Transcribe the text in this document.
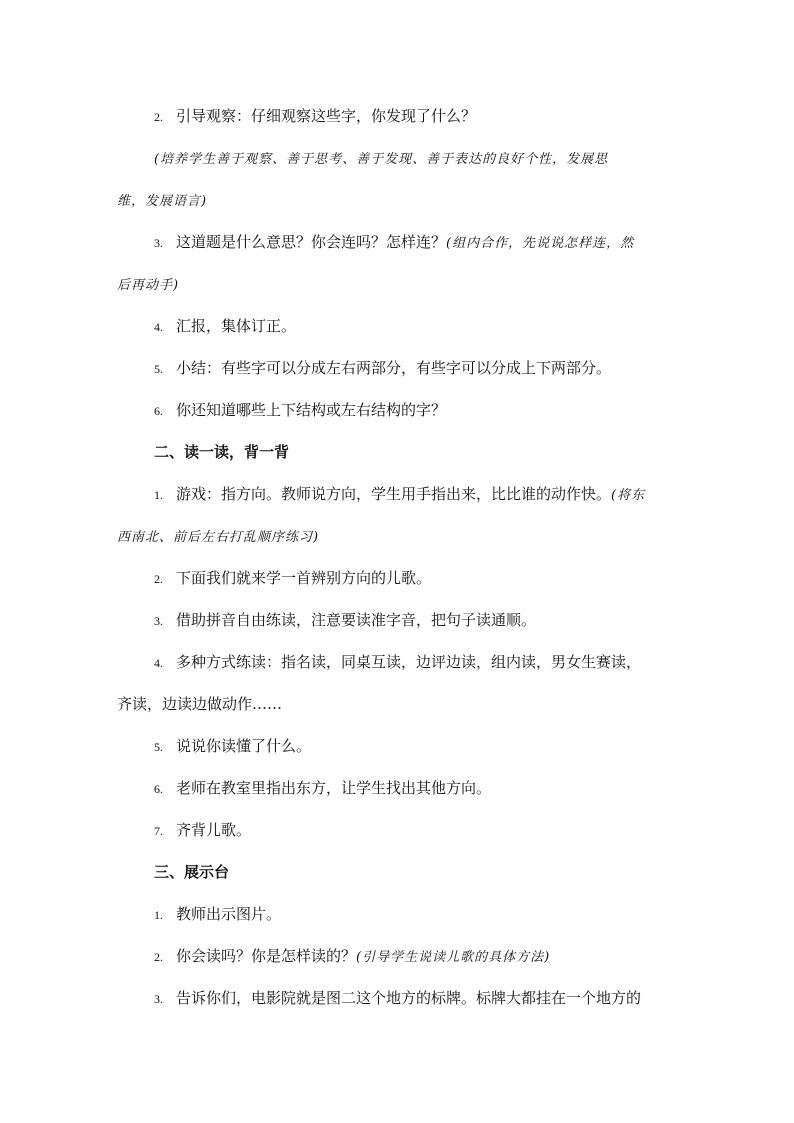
2. 引导观察：仔细观察这些字，你发现了什么？
(培养学生善于观察、善于思考、善于发现、善于表达的良好个性，发展思
维，发展语言)
3. 这道题是什么意思？你会连吗？怎样连？(组内合作，先说说怎样连，然
后再动手)
4. 汇报，集体订正。
5. 小结：有些字可以分成左右两部分，有些字可以分成上下两部分。
6. 你还知道哪些上下结构或左右结构的字？
二、读一读，背一背
1. 游戏：指方向。教师说方向，学生用手指出来，比比谁的动作快。(将东
西南北、前后左右打乱顺序练习)
2. 下面我们就来学一首辨别方向的儿歌。
3. 借助拼音自由练读，注意要读准字音，把句子读通顺。
4. 多种方式练读：指名读，同桌互读，边评边读，组内读，男女生赛读，
齐读，边读边做动作……
5. 说说你读懂了什么。
6. 老师在教室里指出东方，让学生找出其他方向。
7. 齐背儿歌。
三、展示台
1. 教师出示图片。
2. 你会读吗？你是怎样读的？(引导学生说读儿歌的具体方法)
3. 告诉你们，电影院就是图二这个地方的标牌。标牌大都挂在一个地方的
